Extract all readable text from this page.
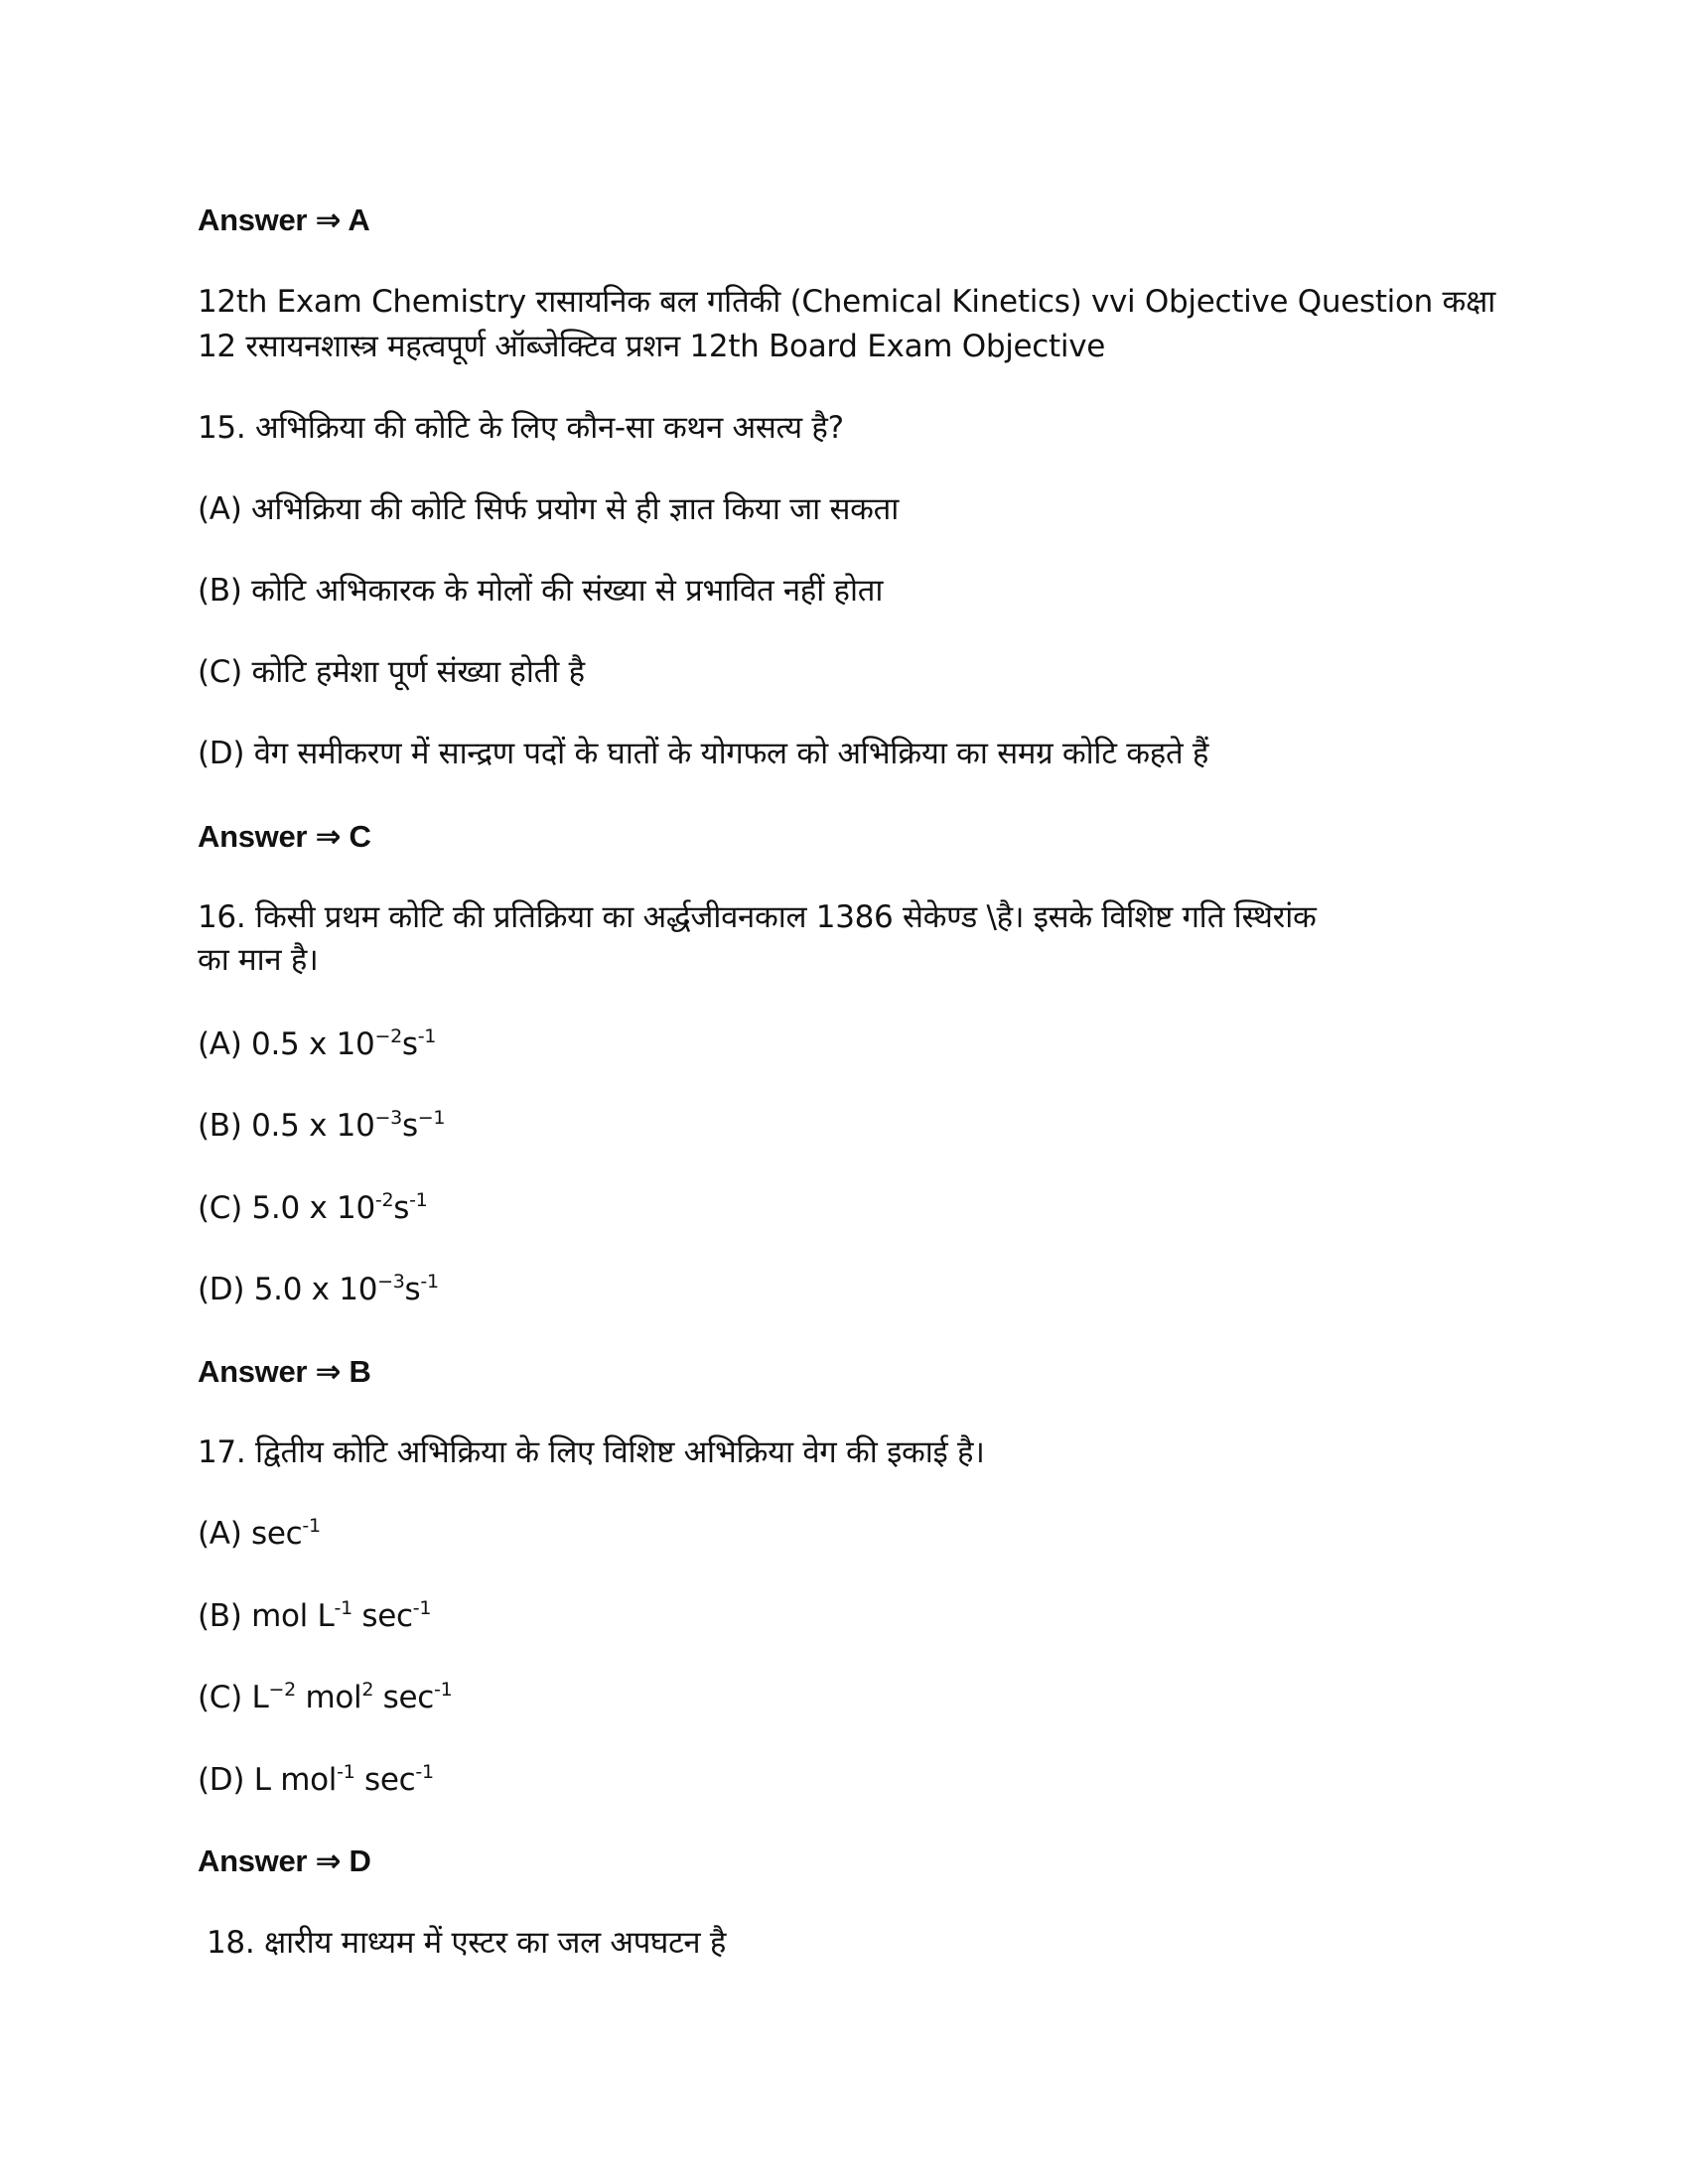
Answer ⇒ A
12th Exam Chemistry रासायनिक बल गतिकी (Chemical Kinetics) vvi Objective Question कक्षा
12 रसायनशास्त्र महत्वपूर्ण ऑब्जेक्टिव प्रशन 12th Board Exam Objective
15. अभिक्रिया की कोटि के लिए कौन-सा कथन असत्य है?
(A) अभिक्रिया की कोटि सिर्फ प्रयोग से ही ज्ञात किया जा सकता
(B) कोटि अभिकारक के मोलों की संख्या से प्रभावित नहीं होता
(C) कोटि हमेशा पूर्ण संख्या होती है
(D) वेग समीकरण में सान्द्रण पदों के घातों के योगफल को अभिक्रिया का समग्र कोटि कहते हैं
Answer ⇒ C
16. किसी प्रथम कोटि की प्रतिक्रिया का अर्द्धजीवनकाल 1386 सेकेण्ड \है। इसके विशिष्ट गति स्थिरांक
का मान है।
(A) 0.5 x $10^{-2}s^{-1}$
(B) 0.5 x $10^{-3}s^{-1}$
(C) 5.0 x $10^{-2}s^{-1}$
(D) 5.0 x $10^{-3}s^{-1}$
Answer ⇒ B
17. द्वितीय कोटि अभिक्रिया के लिए विशिष्ट अभिक्रिया वेग की इकाई है।
(A) $\sec^{-1}$
(B) mol $L^{-1}$ $\sec^{-1}$
(C) $L^{-2}$ mol$^2$ $\sec^{-1}$
(D) L mol$^{-1}$ $\sec^{-1}$
Answer ⇒ D
18. क्षारीय माध्यम में एस्टर का जल अपघटन है
